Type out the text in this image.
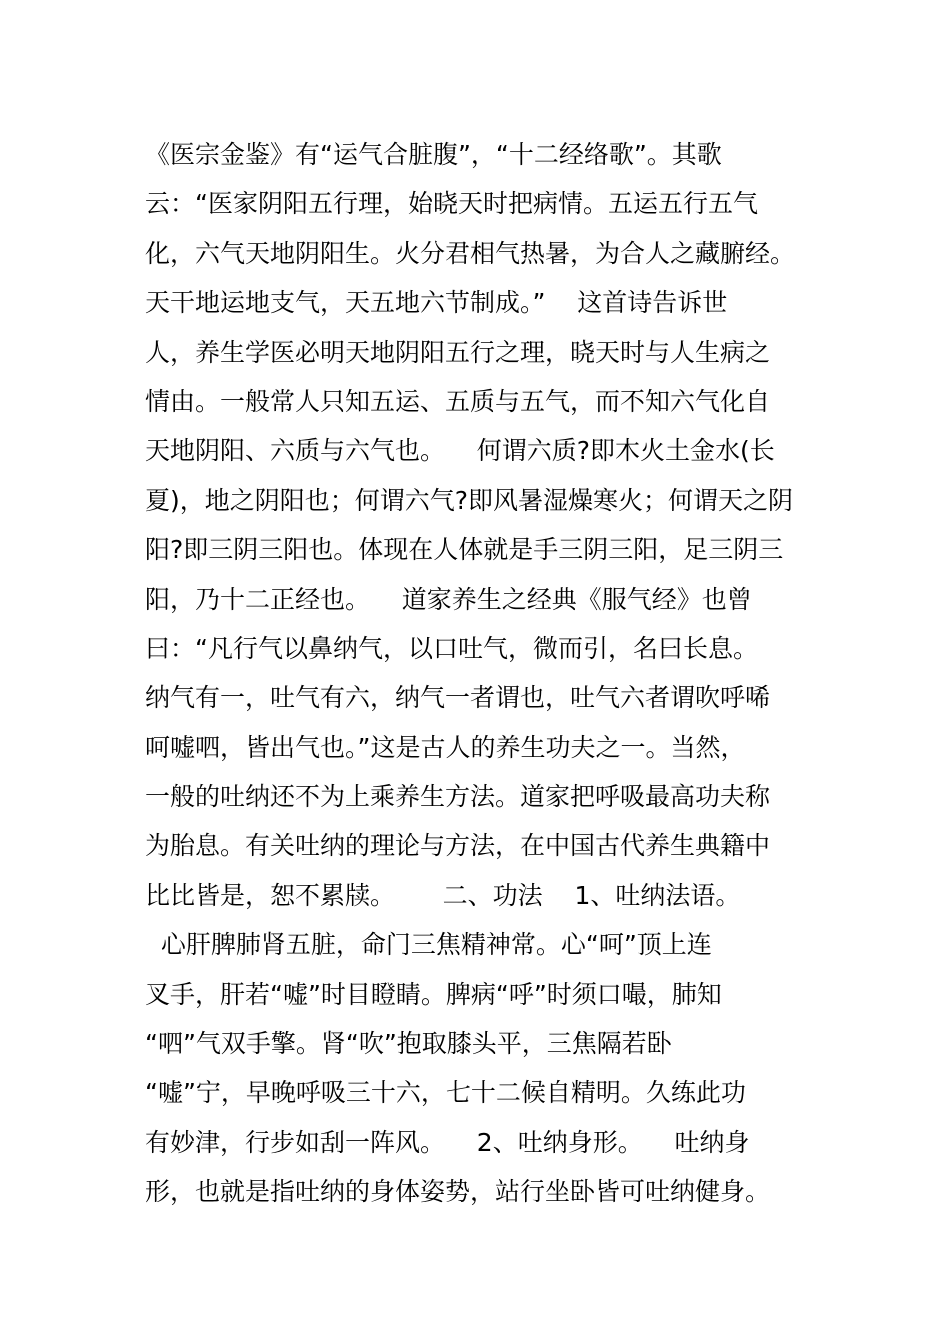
《医宗金鉴》有“运气合脏腹”，“十二经络歌”。其歌
云：“医家阴阳五行理，始晓天时把病情。五运五行五气
化，六气天地阴阳生。火分君相气热暑，为合人之藏腑经。
天干地运地支气，天五地六节制成。”    这首诗告诉世
人，养生学医必明天地阴阳五行之理，晓天时与人生病之
情由。一般常人只知五运、五质与五气，而不知六气化自
天地阴阳、六质与六气也。    何谓六质?即木火土金水(长
夏)，地之阴阳也；何谓六气?即风暑湿燥寒火；何谓天之阴
阳?即三阴三阳也。体现在人体就是手三阴三阳，足三阴三
阳，乃十二正经也。    道家养生之经典《服气经》也曾
曰：“凡行气以鼻纳气，以口吐气，微而引，名曰长息。
纳气有一，吐气有六，纳气一者谓也，吐气六者谓吹呼唏
呵嘘呬，皆出气也。”这是古人的养生功夫之一。当然，
一般的吐纳还不为上乘养生方法。道家把呼吸最高功夫称
为胎息。有关吐纳的理论与方法，在中国古代养生典籍中
比比皆是，恕不累牍。      二、功法    1、吐纳法语。
心肝脾肺肾五脏，命门三焦精神常。心“呵”顶上连
叉手，肝若“嘘”时目瞪睛。脾病“呼”时须口嘬，肺知
“呬”气双手擎。肾“吹”抱取膝头平，三焦隔若卧
“嘘”宁，早晚呼吸三十六，七十二候自精明。久练此功
有妙津，行步如刮一阵风。    2、吐纳身形。    吐纳身
形，也就是指吐纳的身体姿势，站行坐卧皆可吐纳健身。
